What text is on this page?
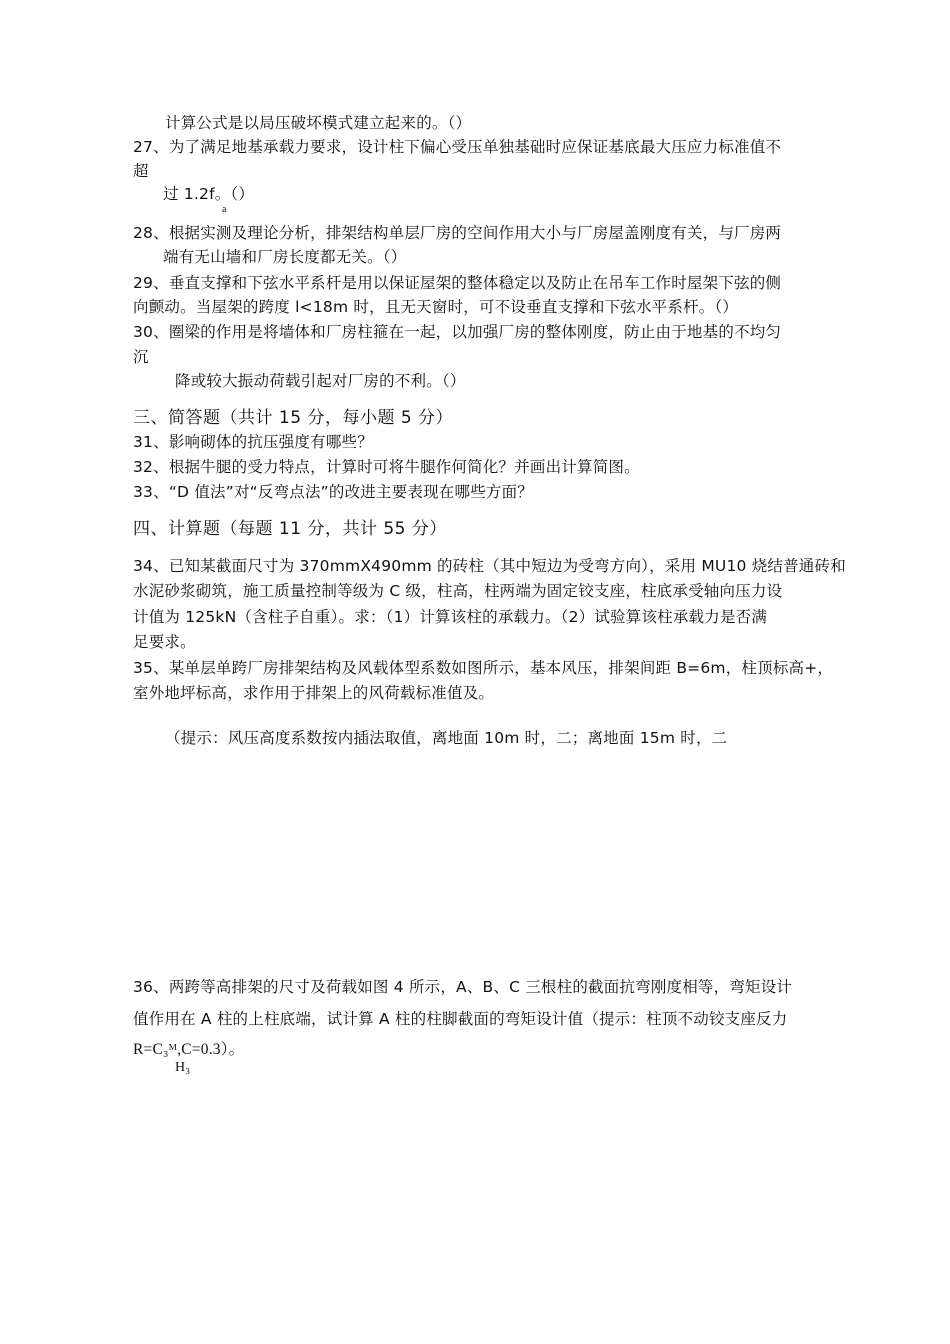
计算公式是以局压破坏模式建立起来的。（）
27、为了满足地基承载力要求，设计柱下偏心受压单独基础时应保证基底最大压应力标准值不
超
过 1.2f。（）
a
28、根据实测及理论分析，排架结构单层厂房的空间作用大小与厂房屋盖刚度有关，与厂房两
端有无山墙和厂房长度都无关。（）
29、垂直支撑和下弦水平系杆是用以保证屋架的整体稳定以及防止在吊车工作时屋架下弦的侧
向颤动。当屋架的跨度 l<18m 时，且无天窗时，可不设垂直支撑和下弦水平系杆。（）
30、圈梁的作用是将墙体和厂房柱箍在一起，以加强厂房的整体刚度，防止由于地基的不均匀
沉
降或较大振动荷载引起对厂房的不利。（）
三、简答题（共计 15 分，每小题 5 分）
31、影响砌体的抗压强度有哪些？
32、根据牛腿的受力特点，计算时可将牛腿作何简化？并画出计算简图。
33、“D 值法”对“反弯点法”的改进主要表现在哪些方面？
四、计算题（每题 11 分，共计 55 分）
34、已知某截面尺寸为 370mmX490mm 的砖柱（其中短边为受弯方向），采用 MU10 烧结普通砖和
水泥砂浆砌筑，施工质量控制等级为 C 级，柱高，柱两端为固定铰支座，柱底承受轴向压力设
计值为 125kN（含柱子自重）。求：（1）计算该柱的承载力。（2）试验算该柱承载力是否满
足要求。
35、某单层单跨厂房排架结构及风载体型系数如图所示，基本风压，排架间距 B=6m，柱顶标高+，
室外地坪标高，求作用于排架上的风荷载标准值及。
（提示：风压高度系数按内插法取值，离地面 10m 时，二；离地面 15m 时，二
36、两跨等高排架的尺寸及荷载如图 4 所示，A、B、C 三根柱的截面抗弯刚度相等，弯矩设计
值作用在 A 柱的上柱底端，试计算 A 柱的柱脚截面的弯矩设计值（提示：柱顶不动铰支座反力
R=C₃ᴹ,C=0.3）。
H₃
